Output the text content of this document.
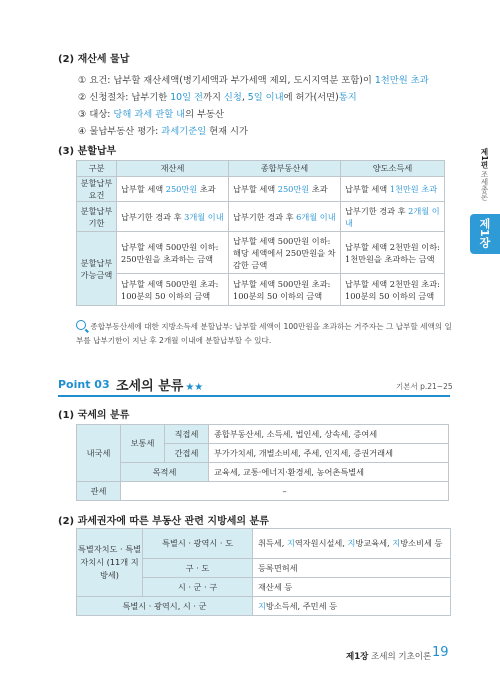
(2) 재산세 물납
① 요건: 납부할 재산세액(병기세액과 부가세액 제외, 도시지역분 포함)이 1천만원 초과
② 신청절차: 납부기한 10일 전까지 신청, 5일 이내에 허가(서면)통지
③ 대상: 당해 과세 관할 내의 부동산
④ 물납부동산 평가: 과세기준일 현재 시가
(3) 분할납부
구분	재산세	종합부동산세	양도소득세
분할납부 요건	납부할 세액 250만원 초과	납부할 세액 250만원 초과	납부할 세액 1천만원 초과
분할납부 기한	납부기한 경과 후 3개월 이내	납부기한 경과 후 6개월 이내	납부기한 경과 후 2개월 이내
분할납부 가능금액	납부할 세액 500만원 이하: 250만원을 초과하는 금액	납부할 세액 500만원 이하: 해당 세액에서 250만원을 차감한 금액	납부할 세액 2천만원 이하: 1천만원을 초과하는 금액
	납부할 세액 500만원 초과: 100분의 50 이하의 금액	납부할 세액 500만원 초과: 100분의 50 이하의 금액	납부할 세액 2천만원 초과: 100분의 50 이하의 금액
종합부동산세에 대한 지방소득세 분할납부: 납부할 세액이 100만원을 초과하는 거주자는 그 납부할 세액의 일부를 납부기한이 지난 후 2개월 이내에 분할납부할 수 있다.
Point 03 조세의 분류 ★★	기본서 p.21~25
(1) 국세의 분류
내국세	보통세	직접세	종합부동산세, 소득세, 법인세, 상속세, 증여세
		간접세	부가가치세, 개별소비세, 주세, 인지세, 증권거래세
	목적세		교육세, 교통·에너지·환경세, 농어촌특별세
관세	–		
(2) 과세권자에 따른 부동산 관련 지방세의 분류
특별자치도 · 특별자치시 (11개 지방세)	특별시 · 광역시 · 도	취득세, 지역자원시설세, 지방교육세, 지방소비세 등
	구 · 도	등록면허세
	시 · 군 · 구	재산세 등
특별시 · 광역시, 시 · 군		지방소득세, 주민세 등
제1편 조세총론
제1장
제1장 조세의 기초이론 19
